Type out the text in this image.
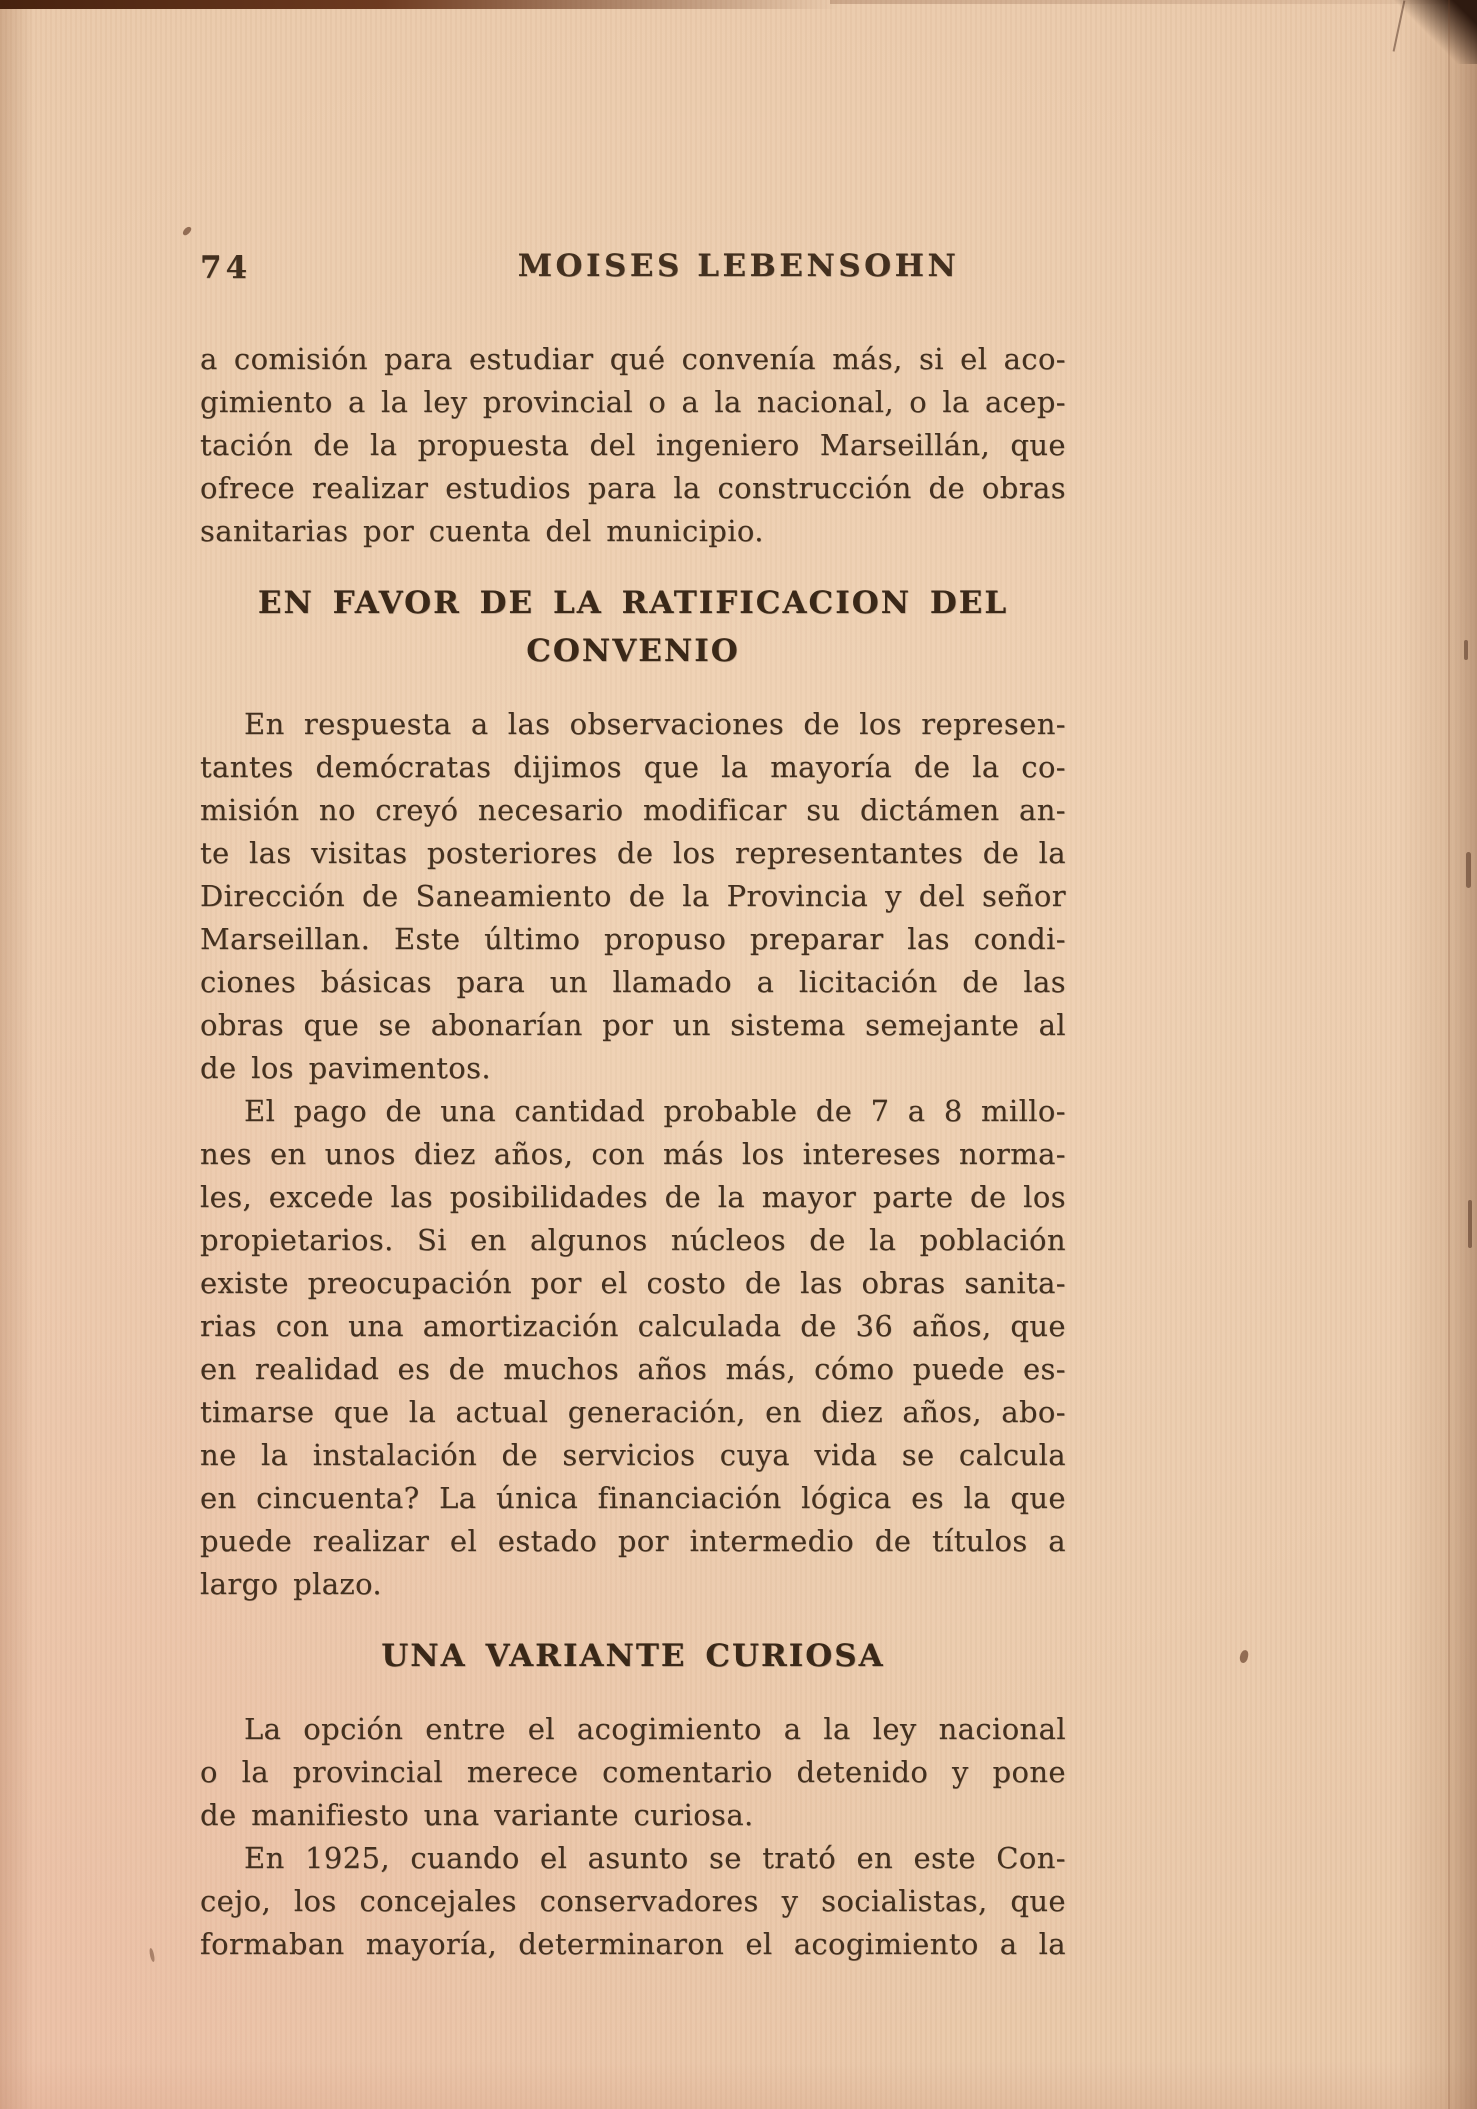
74	MOISES LEBENSOHN
a comisión para estudiar qué convenía más, si el aco-
gimiento a la ley provincial o a la nacional, o la acep-
tación de la propuesta del ingeniero Marseillán, que
ofrece realizar estudios para la construcción de obras
sanitarias por cuenta del municipio.
EN FAVOR DE LA RATIFICACION DEL
CONVENIO
En respuesta a las observaciones de los represen-
tantes demócratas dijimos que la mayoría de la co-
misión no creyó necesario modificar su dictámen an-
te las visitas posteriores de los representantes de la
Dirección de Saneamiento de la Provincia y del señor
Marseillan. Este último propuso preparar las condi-
ciones básicas para un llamado a licitación de las
obras que se abonarían por un sistema semejante al
de los pavimentos.
El pago de una cantidad probable de 7 a 8 millo-
nes en unos diez años, con más los intereses norma-
les, excede las posibilidades de la mayor parte de los
propietarios. Si en algunos núcleos de la población
existe preocupación por el costo de las obras sanita-
rias con una amortización calculada de 36 años, que
en realidad es de muchos años más, cómo puede es-
timarse que la actual generación, en diez años, abo-
ne la instalación de servicios cuya vida se calcula
en cincuenta? La única financiación lógica es la que
puede realizar el estado por intermedio de títulos a
largo plazo.
UNA VARIANTE CURIOSA
La opción entre el acogimiento a la ley nacional
o la provincial merece comentario detenido y pone
de manifiesto una variante curiosa.
En 1925, cuando el asunto se trató en este Con-
cejo, los concejales conservadores y socialistas, que
formaban mayoría, determinaron el acogimiento a la
